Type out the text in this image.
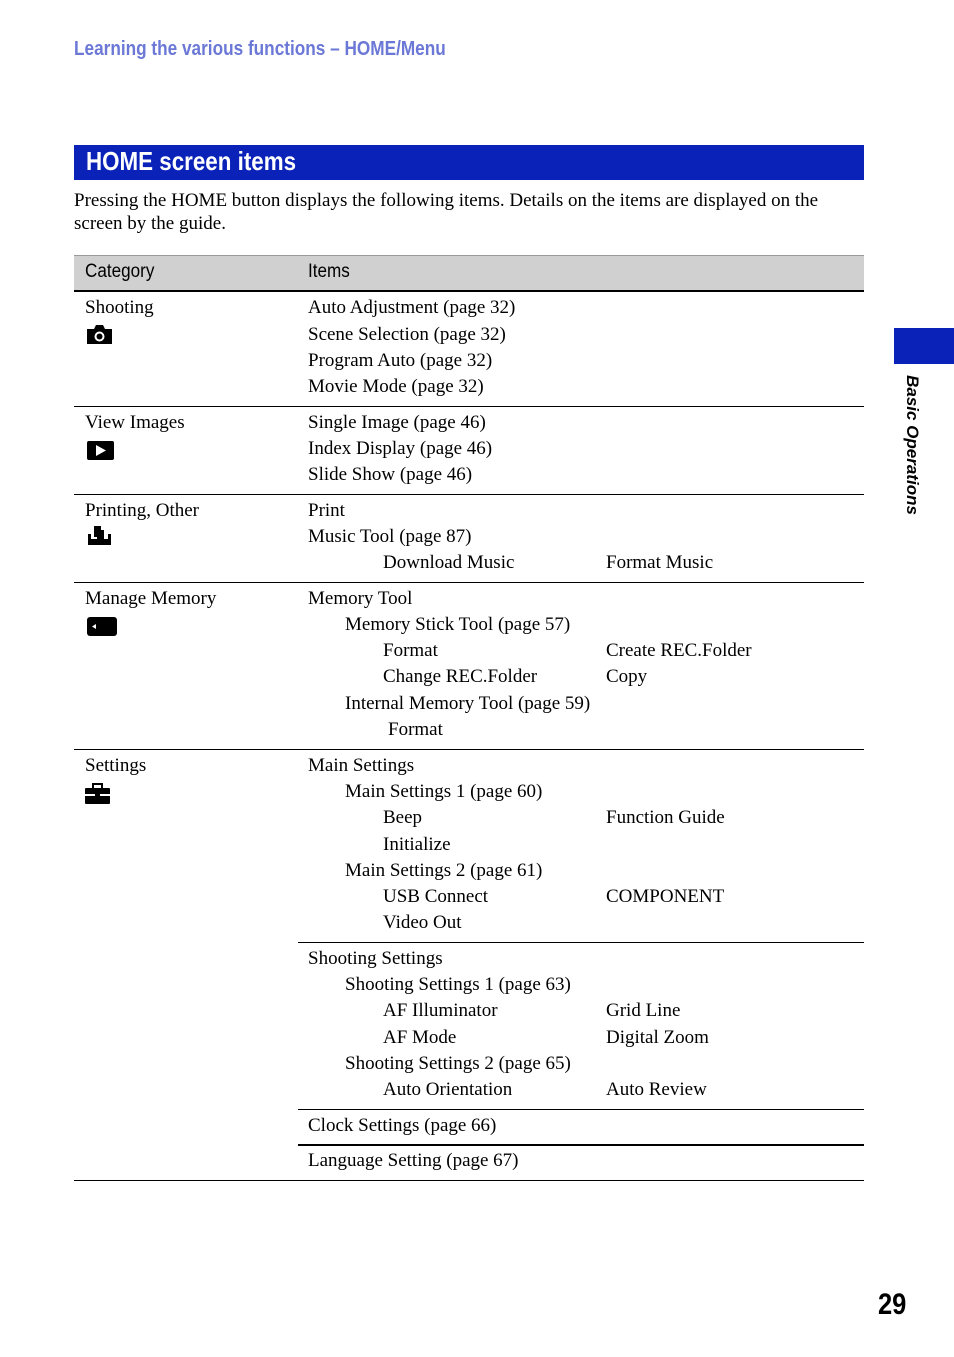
Learning the various functions – HOME/Menu
HOME screen items
Pressing the HOME button displays the following items. Details on the items are displayed on the screen by the guide.
Category	Items
Shooting	Auto Adjustment (page 32)
Scene Selection (page 32)
Program Auto (page 32)
Movie Mode (page 32)
View Images	Single Image (page 46)
Index Display (page 46)
Slide Show (page 46)
Printing, Other	Print
Music Tool (page 87)
Download Music	Format Music
Manage Memory	Memory Tool
Memory Stick Tool (page 57)
Format	Create REC.Folder
Change REC.Folder	Copy
Internal Memory Tool (page 59)
Format
Settings	Main Settings
Main Settings 1 (page 60)
Beep	Function Guide
Initialize
Main Settings 2 (page 61)
USB Connect	COMPONENT
Video Out
Shooting Settings
Shooting Settings 1 (page 63)
AF Illuminator	Grid Line
AF Mode	Digital Zoom
Shooting Settings 2 (page 65)
Auto Orientation	Auto Review
Clock Settings (page 66)
Language Setting (page 67)
Basic Operations
29
